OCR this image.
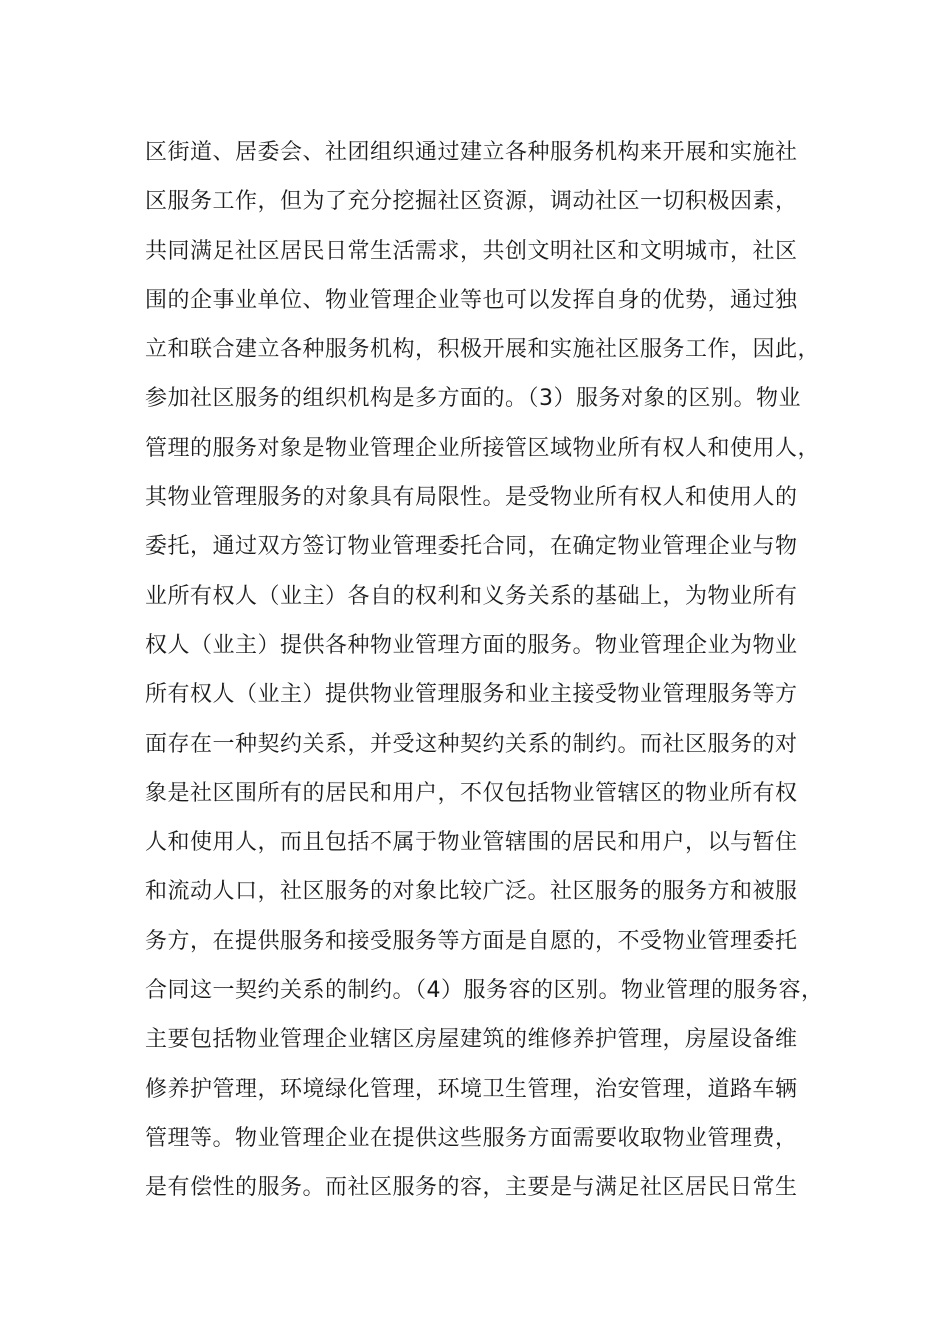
区街道、居委会、社团组织通过建立各种服务机构来开展和实施社
区服务工作，但为了充分挖掘社区资源，调动社区一切积极因素，
共同满足社区居民日常生活需求，共创文明社区和文明城市，社区
围的企事业单位、物业管理企业等也可以发挥自身的优势，通过独
立和联合建立各种服务机构，积极开展和实施社区服务工作，因此，
参加社区服务的组织机构是多方面的。（3）服务对象的区别。物业
管理的服务对象是物业管理企业所接管区域物业所有权人和使用人，
其物业管理服务的对象具有局限性。是受物业所有权人和使用人的
委托，通过双方签订物业管理委托合同，在确定物业管理企业与物
业所有权人（业主）各自的权利和义务关系的基础上，为物业所有
权人（业主）提供各种物业管理方面的服务。物业管理企业为物业
所有权人（业主）提供物业管理服务和业主接受物业管理服务等方
面存在一种契约关系，并受这种契约关系的制约。而社区服务的对
象是社区围所有的居民和用户，不仅包括物业管辖区的物业所有权
人和使用人，而且包括不属于物业管辖围的居民和用户，以与暂住
和流动人口，社区服务的对象比较广泛。社区服务的服务方和被服
务方，在提供服务和接受服务等方面是自愿的，不受物业管理委托
合同这一契约关系的制约。（4）服务容的区别。物业管理的服务容，
主要包括物业管理企业辖区房屋建筑的维修养护管理，房屋设备维
修养护管理，环境绿化管理，环境卫生管理，治安管理，道路车辆
管理等。物业管理企业在提供这些服务方面需要收取物业管理费，
是有偿性的服务。而社区服务的容，主要是与满足社区居民日常生
